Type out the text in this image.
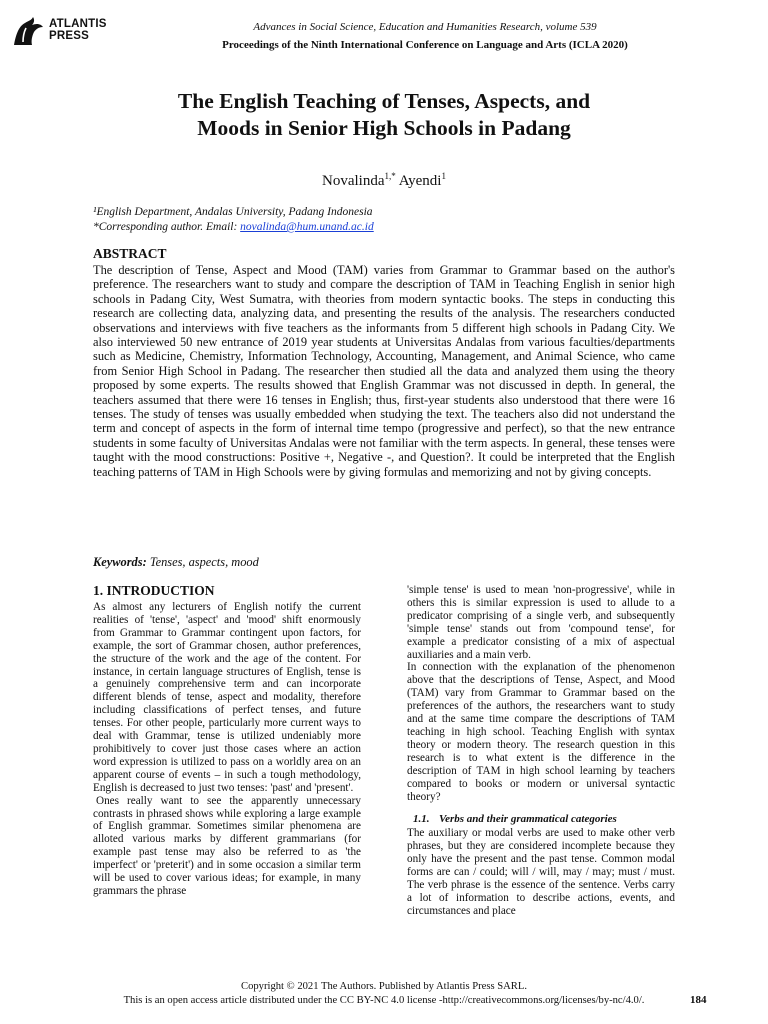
ATLANTIS
PRESS
Advances in Social Science, Education and Humanities Research, volume 539
Proceedings of the Ninth International Conference on Language and Arts (ICLA 2020)
The English Teaching of Tenses, Aspects, and
Moods in Senior High Schools in Padang
Novalinda$^{1,*}$ Ayendi$^1$
¹English Department, Andalas University, Padang Indonesia
*Corresponding author. Email: novalinda@hum.unand.ac.id
ABSTRACT

The description of Tense, Aspect and Mood (TAM) varies from Grammar to Grammar based on the author's preference. The researchers want to study and compare the description of TAM in Teaching English in senior high schools in Padang City, West Sumatra, with theories from modern syntactic books. The steps in conducting this research are collecting data, analyzing data, and presenting the results of the analysis. The researchers conducted observations and interviews with five teachers as the informants from 5 different high schools in Padang City. We also interviewed 50 new entrance of 2019 year students at Universitas Andalas from various faculties/departments such as Medicine, Chemistry, Information Technology, Accounting, Management, and Animal Science, who came from Senior High School in Padang. The researcher then studied all the data and analyzed them using the theory proposed by some experts. The results showed that English Grammar was not discussed in depth. In general, the teachers assumed that there were 16 tenses in English; thus, first-year students also understood that there were 16 tenses. The study of tenses was usually embedded when studying the text. The teachers also did not understand the term and concept of aspects in the form of internal time tempo (progressive and perfect), so that the new entrance students in some faculty of Universitas Andalas were not familiar with the term aspects. In general, these tenses were taught with the mood constructions: Positive +, Negative -, and Question?. It could be interpreted that the English teaching patterns of TAM in High Schools were by giving formulas and memorizing and not by giving concepts.

Keywords: Tenses, aspects, mood
1. INTRODUCTION

As almost any lecturers of English notify the current realities of 'tense', 'aspect' and 'mood' shift enormously from Grammar to Grammar contingent upon factors, for example, the sort of Grammar chosen, author preferences, the structure of the work and the age of the content. For instance, in certain language structures of English, tense is a genuinely comprehensive term and can incorporate different blends of tense, aspect and modality, therefore including classifications of perfect tenses, and future tenses. For other people, particularly more current ways to deal with Grammar, tense is utilized undeniably more prohibitively to cover just those cases where an action word expression is utilized to pass on a worldly area on an apparent course of events – in such a tough methodology, English is decreased to just two tenses: 'past' and 'present'.

Ones really want to see the apparently unnecessary contrasts in phrased shows while exploring a large example of English grammar. Sometimes similar phenomena are alloted various marks by different grammarians (for example past tense may also be referred to as 'the imperfect' or 'preterit') and in some occasion a similar term will be used to cover various ideas; for example, in many grammars the phrase

'simple tense' is used to mean 'non-progressive', while in others this is similar expression is used to allude to a predicator comprising of a single verb, and subsequently 'simple tense' stands out from 'compound tense', for example a predicator consisting of a mix of aspectual auxiliaries and a main verb.

In connection with the explanation of the phenomenon above that the descriptions of Tense, Aspect, and Mood (TAM) vary from Grammar to Grammar based on the preferences of the authors, the researchers want to study and at the same time compare the descriptions of TAM teaching in high school. Teaching English with syntax theory or modern theory. The research question in this research is to what extent is the difference in the description of TAM in high school learning by teachers compared to books or modern or universal syntactic theory?

1.1. Verbs and their grammatical categories

The auxiliary or modal verbs are used to make other verb phrases, but they are considered incomplete because they only have the present and the past tense. Common modal forms are can / could; will / will, may / may; must / must. The verb phrase is the essence of the sentence. Verbs carry a lot of information to describe actions, events, and circumstances and place

Copyright © 2021 The Authors. Published by Atlantis Press SARL.
This is an open access article distributed under the CC BY-NC 4.0 license -http://creativecommons.org/licenses/by-nc/4.0/.	184
